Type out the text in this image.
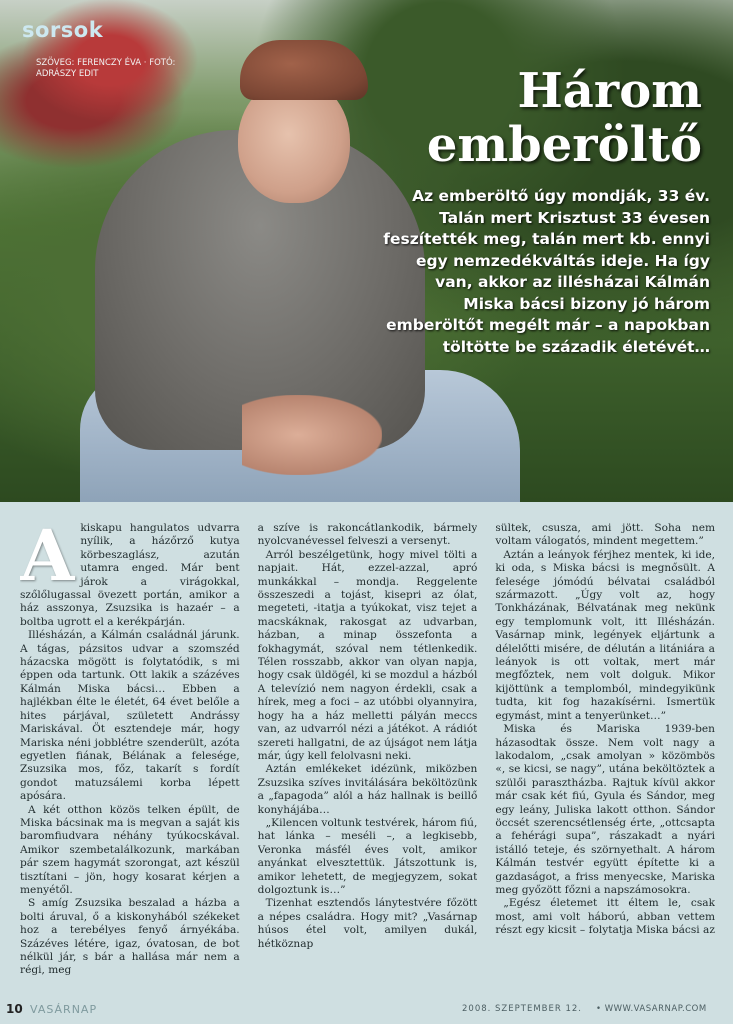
sorsok
SZÖVEG: FERENCZY ÉVA · FOTÓ: ADRÁSZY EDIT	Három
emberöltő
Az emberöltő úgy mondják, 33 év. Talán mert Krisztust 33 évesen feszítették meg, talán mert kb. ennyi egy nemzedékváltás ideje. Ha így van, akkor az illésházai Kálmán Miska bácsi bizony jó három emberöltőt megélt már – a napokban töltötte be századik életévét…
A kiskapu hangulatos udvarra nyílik, a házőrző kutya körbeszaglász, azután utamra enged. Már bent járok a virágokkal, szőlőlugassal övezett portán, amikor a ház asszonya, Zsuzsika is hazaér – a boltba ugrott el a kerékpárján.

Illésházán, a Kálmán családnál járunk. A tágas, pázsitos udvar a szomszéd házacska mögött is folytatódik, s mi éppen oda tartunk. Ott lakik a százéves Kálmán Miska bácsi… Ebben a hajlékban élte le életét, 64 évet belőle a hites párjával, született Andrássy Mariskával. Öt esztendeje már, hogy Mariska néni jobblétre szenderült, azóta egyetlen fiának, Bélának a felesége, Zsuzsika mos, főz, takarít s fordít gondot matuzsálemi korba lépett apósára.

A két otthon közös telken épült, de Miska bácsinak ma is megvan a saját kis baromfiudvara néhány tyúkocskával. Amikor szembetalálkozunk, markában pár szem hagymát szorongat, azt készül tisztítani – jön, hogy kosarat kérjen a menyétől.

S amíg Zsuzsika beszalad a házba a bolti áruval, ő a kiskonyhából székeket hoz a terebélyes fenyő árnyékába. Százéves létére, igaz, óvatosan, de bot nélkül jár, s bár a hallása már nem a régi, meg

a szíve is rakoncátlankodik, bármely nyolcvanévessel felveszi a versenyt.

Arról beszélgetünk, hogy mivel tölti a napjait. Hát, ezzel-azzal, apró munkákkal – mondja. Reggelente összeszedi a tojást, kisepri az ólat, megeteti, -itatja a tyúkokat, visz tejet a macskáknak, rakosgat az udvarban, házban, a minap összefonta a fokhagymát, szóval nem tétlenkedik. Télen rosszabb, akkor van olyan napja, hogy csak üldögél, ki se mozdul a házból A televízió nem nagyon érdekli, csak a hírek, meg a foci – az utóbbi olyannyira, hogy ha a ház melletti pályán meccs van, az udvarról nézi a játékot. A rádiót szereti hallgatni, de az újságot nem látja már, úgy kell felolvasni neki.

Aztán emlékeket idézünk, miközben Zsuzsika szíves invitálására beköltözünk a „fapagoda” alól a ház hallnak is beillő konyhájába…

„Kilencen voltunk testvérek, három fiú, hat lánka – meséli –, a legkisebb, Veronka másfél éves volt, amikor anyánkat elvesztettük. Játszottunk is, amikor lehetett, de megjegyzem, sokat dolgoztunk is…”

Tizenhat esztendős lánytestvére főzött a népes családra. Hogy mit? „Vasárnap húsos étel volt, amilyen dukál, hétköznap

sültek, csusza, ami jött. Soha nem voltam válogatós, mindent megettem.”

Aztán a leányok férjhez mentek, ki ide, ki oda, s Miska bácsi is megnősült. A felesége jómódú bélvatai családból származott. „Úgy volt az, hogy Tonkházának, Bélvatának meg nekünk egy templomunk volt, itt Illésházán. Vasárnap mink, legények eljártunk a délelőtti misére, de délután a litániára a leányok is ott voltak, mert már megfőztek, nem volt dolguk. Mikor kijöttünk a templomból, mindegyikünk tudta, kit fog hazakísérni. Ismertük egymást, mint a tenyerünket…”

Miska és Mariska 1939-ben házasodtak össze. Nem volt nagy a lakodalom, „csak amolyan » közömbös «, se kicsi, se nagy”, utána beköltöztek a szülői parasztházba. Rajtuk kívül akkor már csak két fiú, Gyula és Sándor, meg egy leány, Juliska lakott otthon. Sándor öccsét szerencsétlenség érte, „ottcsapta a fehérági supa”, rászakadt a nyári istálló teteje, és szörnyethalt. A három Kálmán testvér együtt építette ki a gazdaságot, a friss menyecske, Mariska meg győzött főzni a napszámosokra.

„Egész életemet itt éltem le, csak most, ami volt háború, abban vettem részt egy kicsit – folytatja Miska bácsi az

10 VASÁRNAP	2008. SZEPTEMBER 12. • WWW.VASARNAP.COM
